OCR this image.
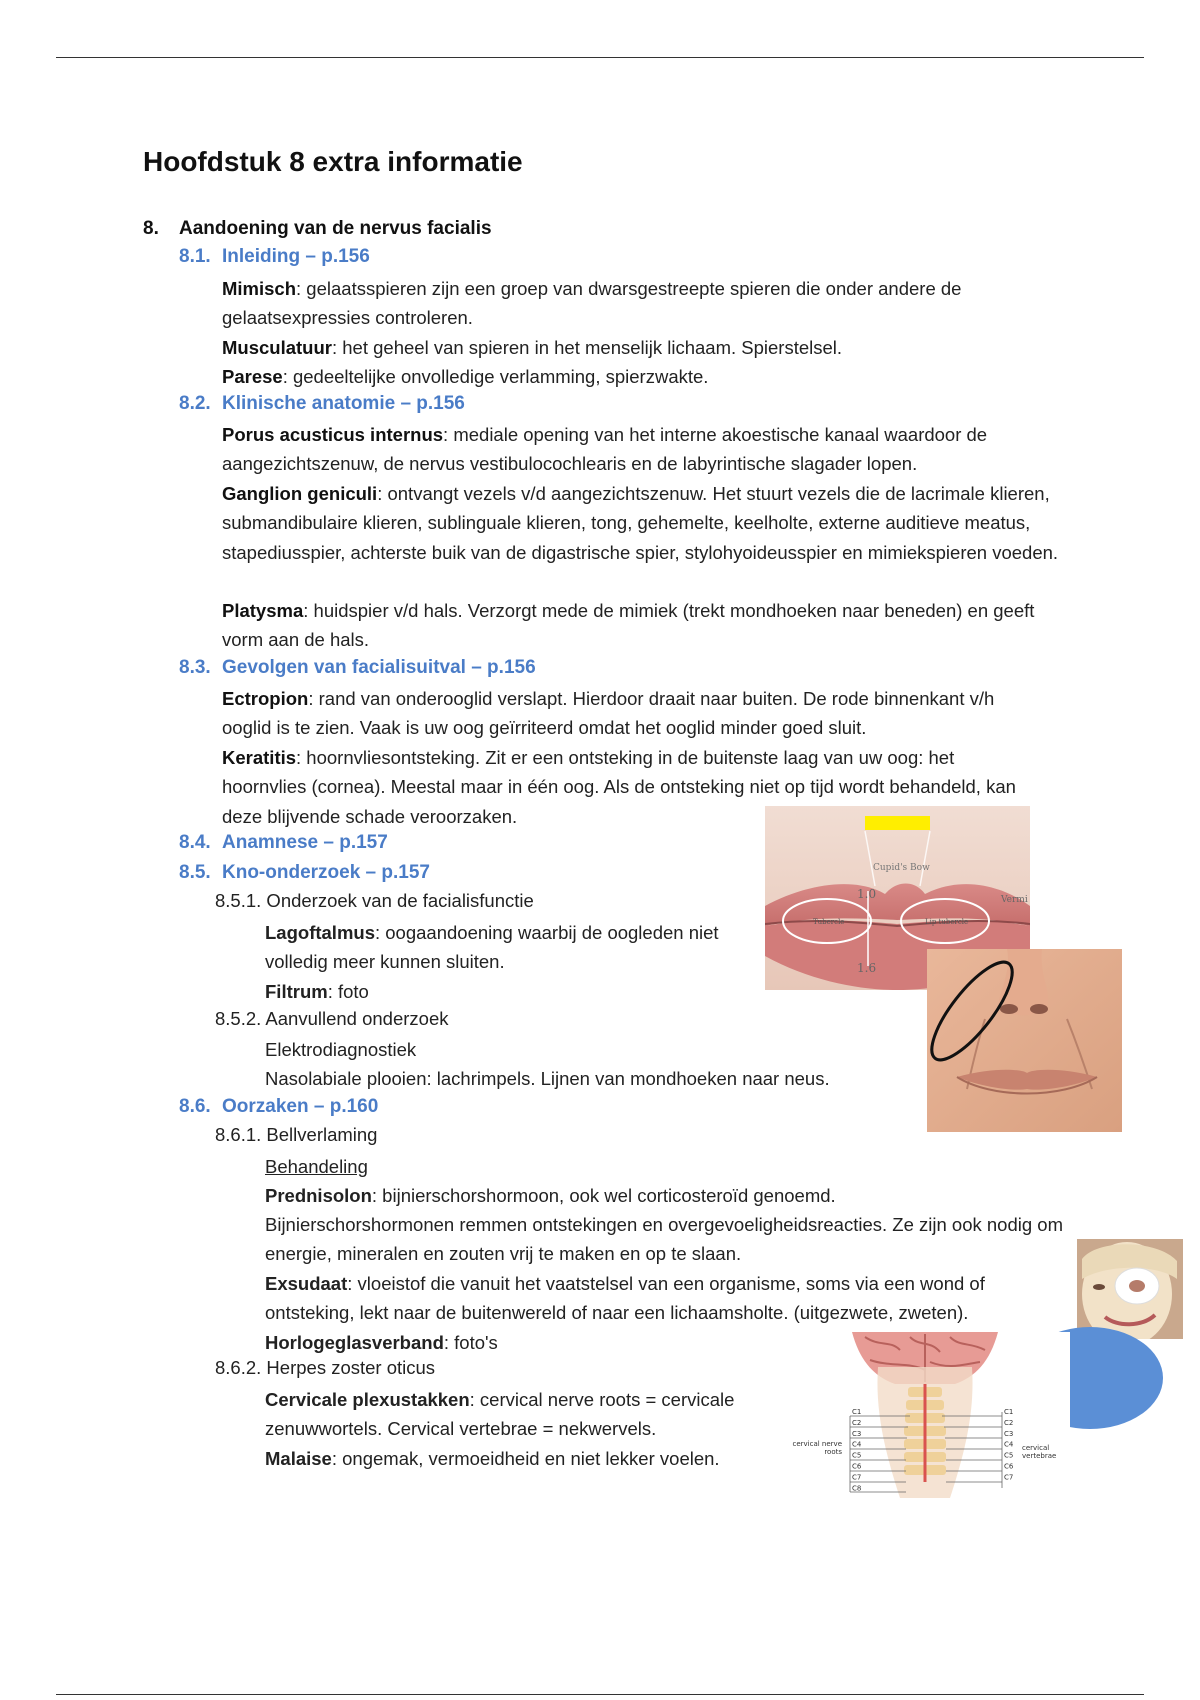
Hoofdstuk 8 extra informatie
8. Aandoening van de nervus facialis
8.1. Inleiding – p.156
Mimisch: gelaatsspieren zijn een groep van dwarsgestreepte spieren die onder andere de gelaatsexpressies controleren.
Musculatuur: het geheel van spieren in het menselijk lichaam. Spierstelsel.
Parese: gedeeltelijke onvolledige verlamming, spierzwakte.
8.2. Klinische anatomie – p.156
Porus acusticus internus: mediale opening van het interne akoestische kanaal waardoor de aangezichtszenuw, de nervus vestibulocochlearis en de labyrintische slagader lopen.
Ganglion geniculi: ontvangt vezels v/d aangezichtszenuw. Het stuurt vezels die de lacrimale klieren, submandibulaire klieren, sublinguale klieren, tong, gehemelte, keelholte, externe auditieve meatus, stapediusspier, achterste buik van de digastrische spier, stylohyoideusspier en mimiekspieren voeden.
Platysma: huidspier v/d hals. Verzorgt mede de mimiek (trekt mondhoeken naar beneden) en geeft vorm aan de hals.
8.3. Gevolgen van facialisuitval – p.156
Ectropion: rand van onderooglid verslapt. Hierdoor draait naar buiten. De rode binnenkant v/h ooglid is te zien. Vaak is uw oog geïrriteerd omdat het ooglid minder goed sluit.
Keratitis: hoornvliesontsteking. Zit er een ontsteking in de buitenste laag van uw oog: het hoornvlies (cornea). Meestal maar in één oog. Als de ontsteking niet op tijd wordt behandeld, kan deze blijvende schade veroorzaken.
8.4. Anamnese – p.157
8.5. Kno-onderzoek – p.157
8.5.1. Onderzoek van de facialisfunctie
Lagoftalmus: oogaandoening waarbij de oogleden niet volledig meer kunnen sluiten.
Filtrum: foto
8.5.2. Aanvullend onderzoek
Elektrodiagnostiek
Nasolabiale plooien: lachrimpels. Lijnen van mondhoeken naar neus.
8.6. Oorzaken – p.160
8.6.1. Bellverlaming
Behandeling
Prednisolon: bijnierschorshormoon, ook wel corticosteroïd genoemd.
Bijnierschorshormonen remmen ontstekingen en overgevoeligheidsreacties. Ze zijn ook nodig om energie, mineralen en zouten vrij te maken en op te slaan.
Exsudaat: vloeistof die vanuit het vaatstelsel van een organisme, soms via een wond of ontsteking, lekt naar de buitenwereld of naar een lichaamsholte. (uitgezwete, zweten).
Horlogeglasverband: foto's
8.6.2. Herpes zoster oticus
Cervicale plexustakken: cervical nerve roots = cervicale zenuwwortels. Cervical vertebrae = nekwervels.
Malaise: ongemak, vermoeidheid en niet lekker voelen.
Cupid's Bow
1.0
1.6
Tubercle	Lip tubercle
Vermi
C1
C2
C3
C4
C5
C6
C7
C8
C1
C2
C3
C4
C5
C6
C7
cervical nerve roots	cervical vertebrae
